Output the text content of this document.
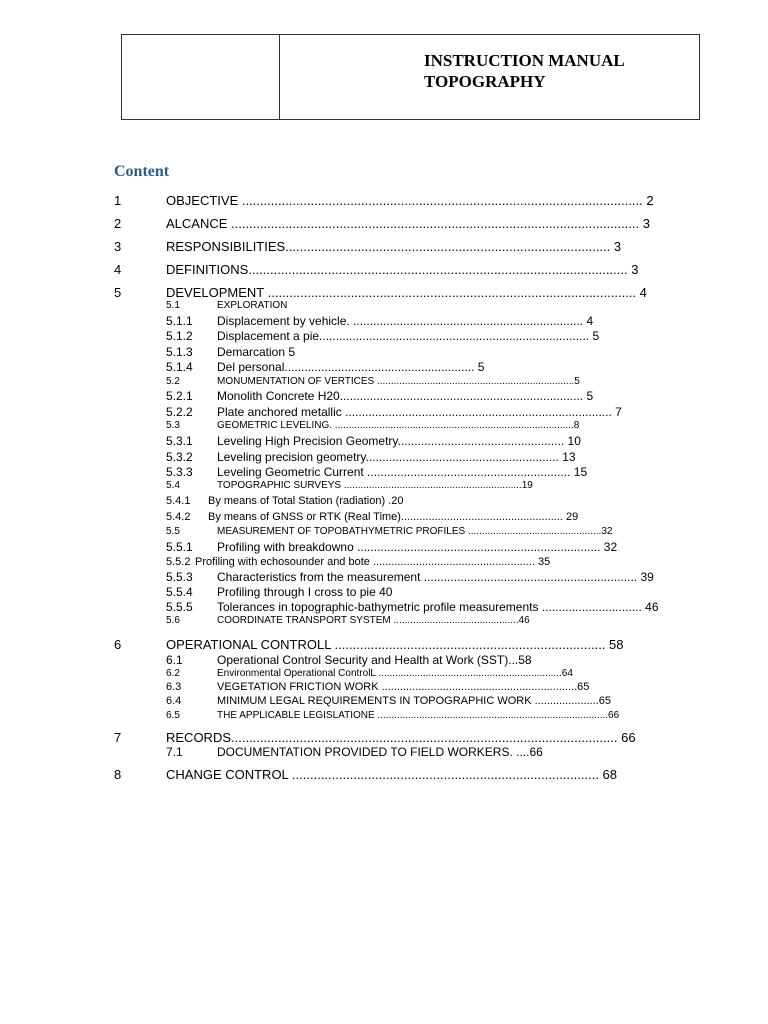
INSTRUCTION MANUAL
TOPOGRAPHY
Content
1	OBJECTIVE ............................................................................................................... 2
2	ALCANCE ................................................................................................................. 3
3	RESPONSIBILITIES.......................................................................................... 3
4	DEFINITIONS......................................................................................................... 3
5	DEVELOPMENT ...................................................................................................... 4
5.1	EXPLORATION
5.1.1 Displacement by vehicle. ..................................................................... 4
5.1.2 Displacement a pie................................................................................. 5
5.1.3 Demarcation 5
5.1.4 Del personal......................................................... 5
5.2	MONUMENTATION OF VERTICES .......................................................................5
5.2.1 Monolith Concrete H20......................................................................... 5
5.2.2 Plate anchored metallic ................................................................................ 7
5.3	GEOMETRIC LEVELING. ......................................................................................8
5.3.1 Leveling High Precision Geometry.................................................. 10
5.3.2 Leveling precision geometry.......................................................... 13
5.3.3 Leveling Geometric Current ............................................................. 15
5.4	TOPOGRAPHIC SURVEYS ................................................................19
5.4.1 By means of Total Station (radiation) .20
5.4.2 By means of GNSS or RTK (Real Time)..................................................... 29
5.5	MEASUREMENT OF TOPOBATHYMETRIC PROFILES ................................................32
5.5.1 Profiling with breakdowno ......................................................................... 32
5.5.2 Profiling with echosounder and bote ..................................................... 35
5.5.3 Characteristics from the measurement ................................................................ 39
5.5.4 Profiling through I cross to pie 40
5.5.5 Tolerances in topographic-bathymetric profile measurements .............................. 46
5.6	COORDINATE TRANSPORT SYSTEM .............................................46
6	OPERATIONAL CONTROLL ........................................................................... 58
6.1	Operational Control Security and Health at Work (SST)...58
6.2	Environmental Operational ControlL ..................................................................64
6.3	VEGETATION FRICTION WORK ................................................................65
6.4	MINIMUM LEGAL REQUIREMENTS IN TOPOGRAPHIC WORK .....................65
6.5	THE APPLICABLE LEGISLATIONE ...................................................................................66
7	RECORDS........................................................................................................... 66
7.1	DOCUMENTATION PROVIDED TO FIELD WORKERS. ....66
8	CHANGE CONTROL ..................................................................................... 68
